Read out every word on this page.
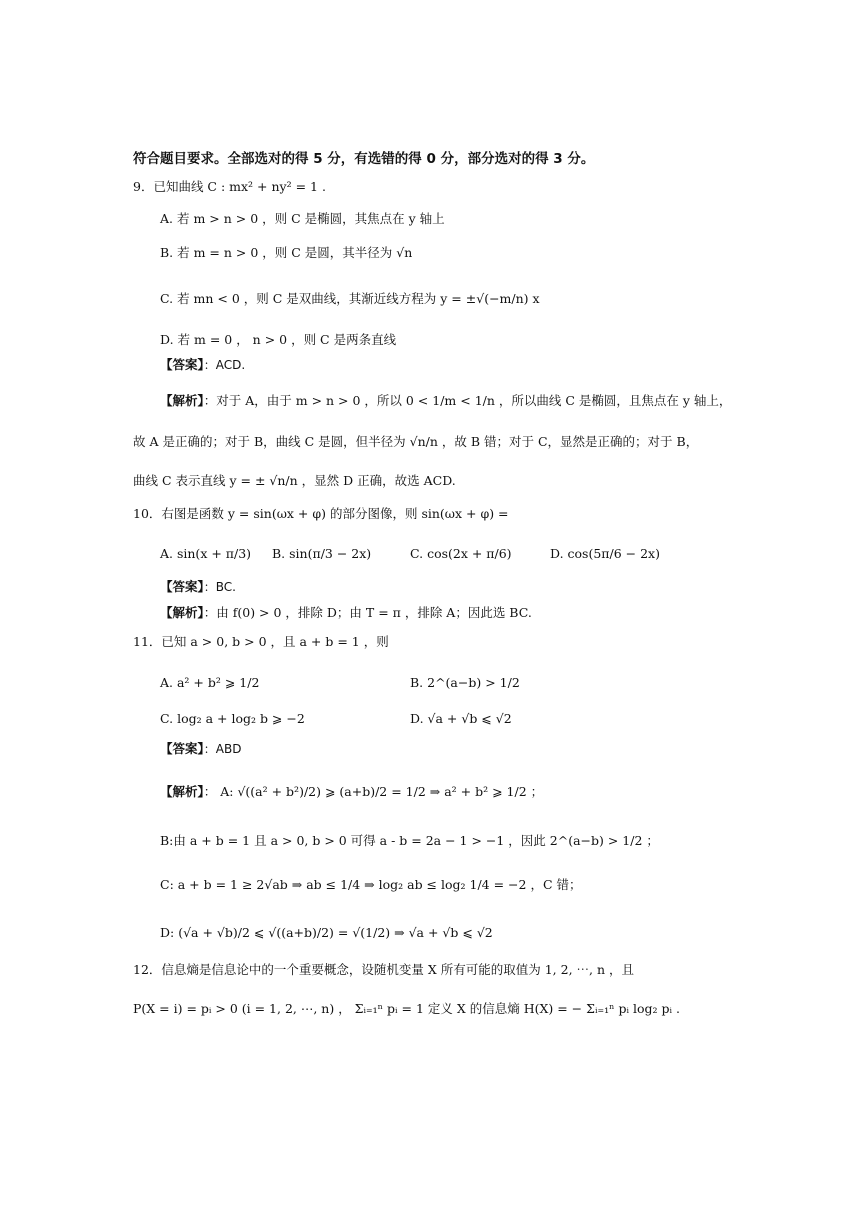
符合题目要求。全部选对的得 5 分，有选错的得 0 分，部分选对的得 3 分。
9．已知曲线 C : mx² + ny² = 1 .
A. 若 m > n > 0 ，则 C 是椭圆，其焦点在 y 轴上
B. 若 m = n > 0 ，则 C 是圆，其半径为 √n
C. 若 mn < 0 ，则 C 是双曲线，其渐近线方程为 y = ±√(−m/n) x
D. 若 m = 0 ， n > 0 ，则 C 是两条直线
【答案】：ACD.
【解析】：对于 A，由于 m > n > 0 ，所以 0 < 1/m < 1/n ，所以曲线 C 是椭圆，且焦点在 y 轴上，
故 A 是正确的；对于 B，曲线 C 是圆，但半径为 √n/n ，故 B 错；对于 C，显然是正确的；对于 B，
曲线 C 表示直线 y = ± √n/n ，显然 D 正确，故选 ACD.
10．右图是函数 y = sin(ωx + φ) 的部分图像，则 sin(ωx + φ) =
A. sin(x + π/3) B. sin(π/3 − 2x)	C. cos(2x + π/6)	D. cos(5π/6 − 2x)
【答案】：BC.
【解析】：由 f(0) > 0 ，排除 D；由 T = π ，排除 A；因此选 BC.
11．已知 a > 0, b > 0 ，且 a + b = 1 ，则
A. a² + b² ⩾ 1/2	B. 2^(a−b) > 1/2
C. log₂ a + log₂ b ⩾ −2	D. √a + √b ⩽ √2
【答案】：ABD
【解析】： A: √((a² + b²)/2) ⩾ (a+b)/2 = 1/2 ⇒ a² + b² ⩾ 1/2 ；
B:由 a + b = 1 且 a > 0, b > 0 可得 a - b = 2a − 1 > −1 ，因此 2^(a−b) > 1/2 ；
C: a + b = 1 ≥ 2√ab ⇒ ab ≤ 1/4 ⇒ log₂ ab ≤ log₂ 1/4 = −2 ，C 错；
D: (√a + √b)/2 ⩽ √((a+b)/2) = √(1/2) ⇒ √a + √b ⩽ √2
12．信息熵是信息论中的一个重要概念，设随机变量 X 所有可能的取值为 1, 2, ⋯, n ，且
P(X = i) = pᵢ > 0 (i = 1, 2, ⋯, n) ， Σᵢ₌₁ⁿ pᵢ = 1 定义 X 的信息熵 H(X) = − Σᵢ₌₁ⁿ pᵢ log₂ pᵢ .
